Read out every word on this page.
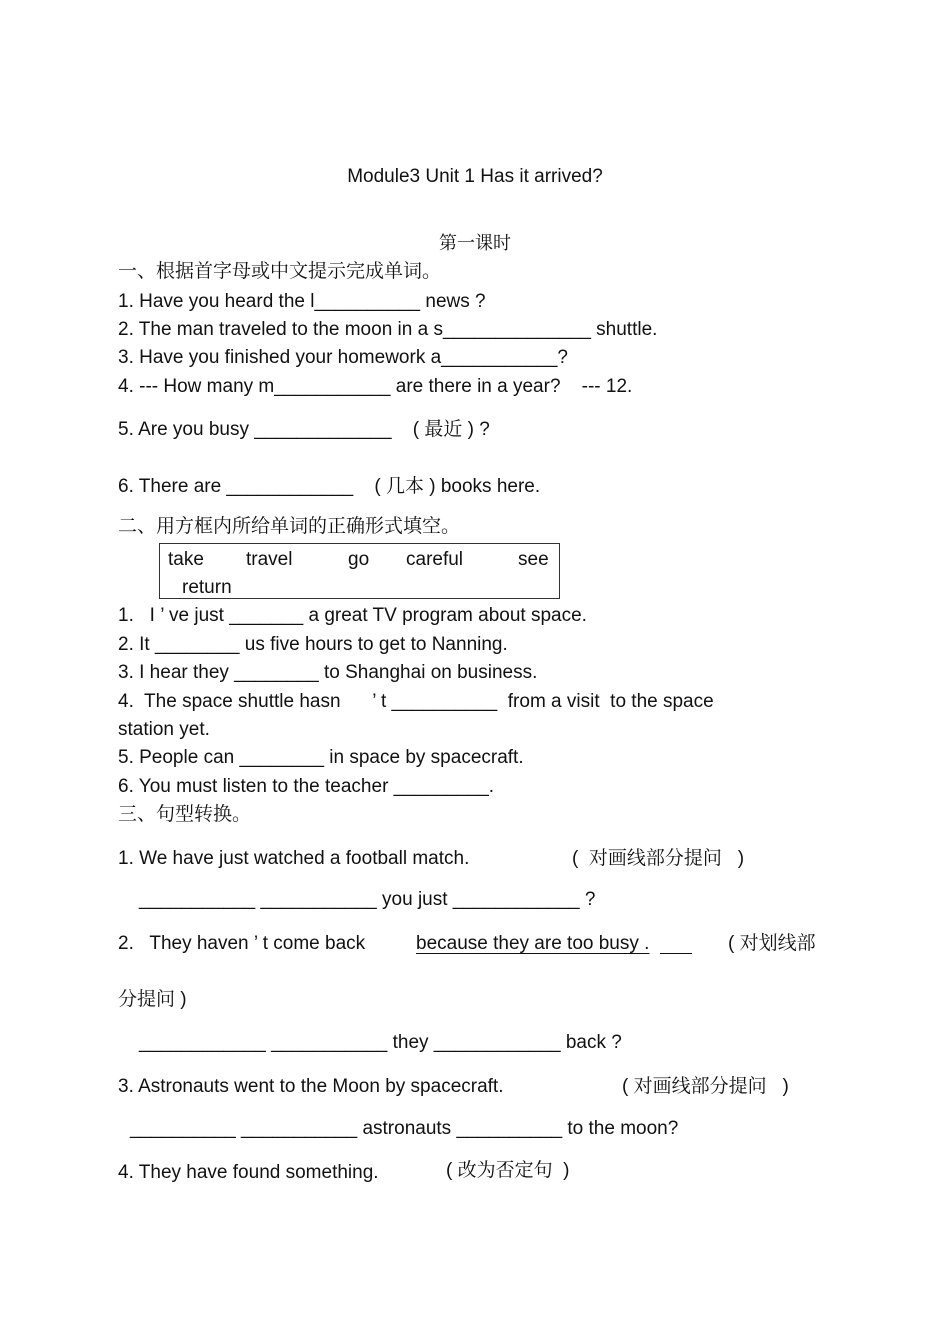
Module3 Unit 1 Has it arrived?
第一课时
一、根据首字母或中文提示完成单词。
1. Have you heard the l__________ news ?
2. The man traveled to the moon in a s______________ shuttle.
3. Have you finished your homework a___________?
4. --- How many m___________ are there in a year?    --- 12.
5. Are you busy _____________    ( 最近 ) ?
6. There are ____________    ( 几本 ) books here.
二、用方框内所给单词的正确形式填空。
take travel	go careful	see
return
1.   I ’ ve just _______ a great TV program about space.
2. It ________ us five hours to get to Nanning.
3. I hear they ________ to Shanghai on business.
4.  The space shuttle hasn      ’ t __________  from a visit  to the space
station yet.
5. People can ________ in space by spacecraft.
6. You must listen to the teacher _________.
三、句型转换。
1. We have just watched a football match.	(  对画线部分提问   )
___________ ___________ you just ____________ ?
2.   They haven ’ t come back	because they are too busy .	( 对划线部
分提问 )
____________ ___________ they ____________ back ?
3. Astronauts went to the Moon by spacecraft.	( 对画线部分提问   )
__________ ___________ astronauts __________ to the moon?
4. They have found something.	( 改为否定句  )
